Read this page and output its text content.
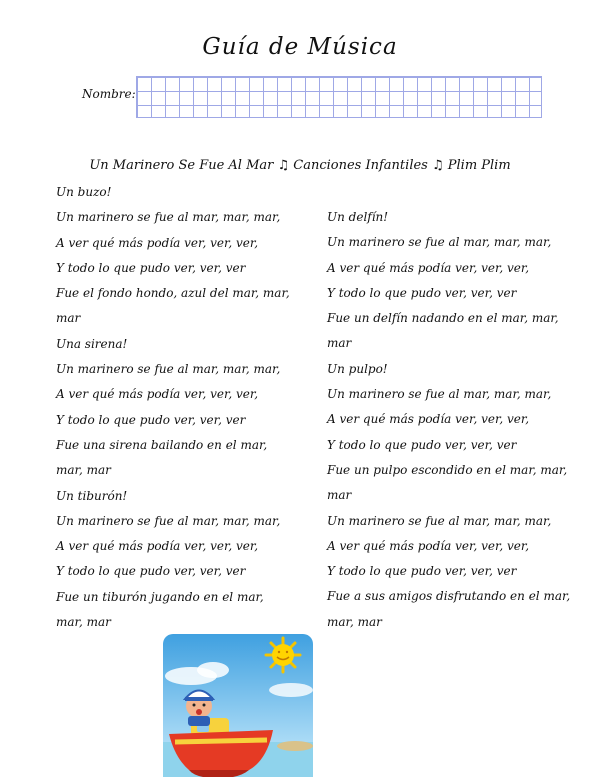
Guía de Música
Nombre:
Un Marinero Se Fue Al Mar ♫ Canciones Infantiles ♫ Plim Plim
Un buzo!
Un marinero se fue al mar, mar, mar,
A ver qué más podía ver, ver, ver,
Y todo lo que pudo ver, ver, ver
Fue el fondo hondo, azul del mar, mar,
mar
Una sirena!
Un marinero se fue al mar, mar, mar,
A ver qué más podía ver, ver, ver,
Y todo lo que pudo ver, ver, ver
Fue una sirena bailando en el mar,
mar, mar
Un tiburón!
Un marinero se fue al mar, mar, mar,
A ver qué más podía ver, ver, ver,
Y todo lo que pudo ver, ver, ver
Fue un tiburón jugando en el mar,
mar, mar
Un delfín!
Un marinero se fue al mar, mar, mar,
A ver qué más podía ver, ver, ver,
Y todo lo que pudo ver, ver, ver
Fue un delfín nadando en el mar, mar,
mar
Un pulpo!
Un marinero se fue al mar, mar, mar,
A ver qué más podía ver, ver, ver,
Y todo lo que pudo ver, ver, ver
Fue un pulpo escondido en el mar, mar,
mar
Un marinero se fue al mar, mar, mar,
A ver qué más podía ver, ver, ver,
Y todo lo que pudo ver, ver, ver
Fue a sus amigos disfrutando en el mar,
mar, mar
